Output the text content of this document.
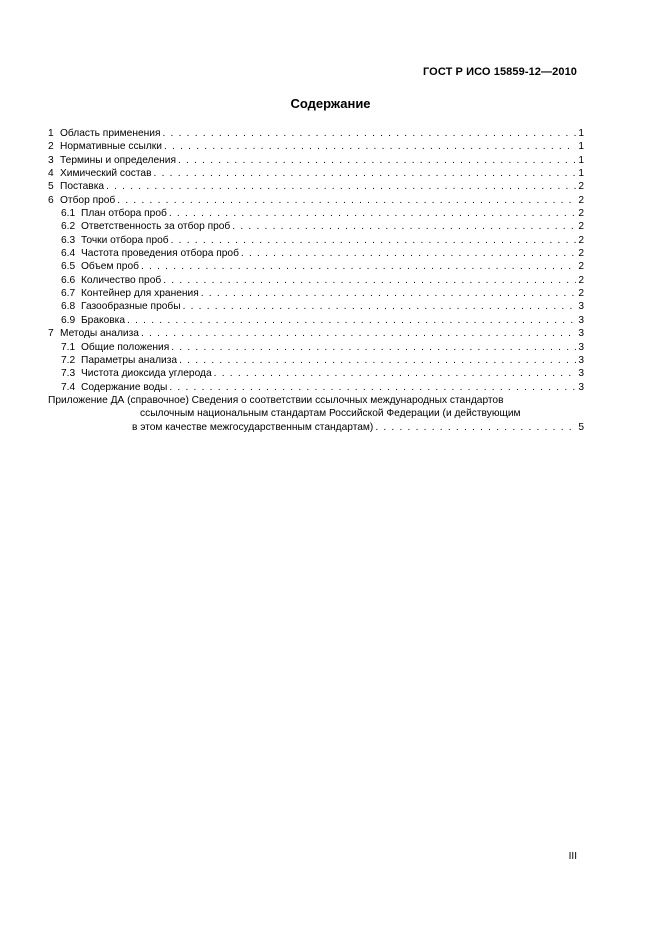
ГОСТ Р ИСО 15859-12—2010
Содержание
1 Область применения . . .	1
2 Нормативные ссылки . . .	1
3 Термины и определения . . .	1
4 Химический состав . . .	1
5 Поставка . . .	2
6 Отбор проб . . .	2
6.1 План отбора проб . . .	2
6.2 Ответственность за отбор проб . . .	2
6.3 Точки отбора проб . . .	2
6.4 Частота проведения отбора проб . . .	2
6.5 Объем проб . . .	2
6.6 Количество проб . . .	2
6.7 Контейнер для хранения . . .	2
6.8 Газообразные пробы . . .	3
6.9 Браковка . . .	3
7 Методы анализа . . .	3
7.1 Общие положения . . .	3
7.2 Параметры анализа . . .	3
7.3 Чистота диоксида углерода . . .	3
7.4 Содержание воды . . .	3
Приложение ДА (справочное) Сведения о соответствии ссылочных международных стандартов
ссылочным национальным стандартам Российской Федерации (и действующим
в этом качестве межгосударственным стандартам) . . .	5
III
